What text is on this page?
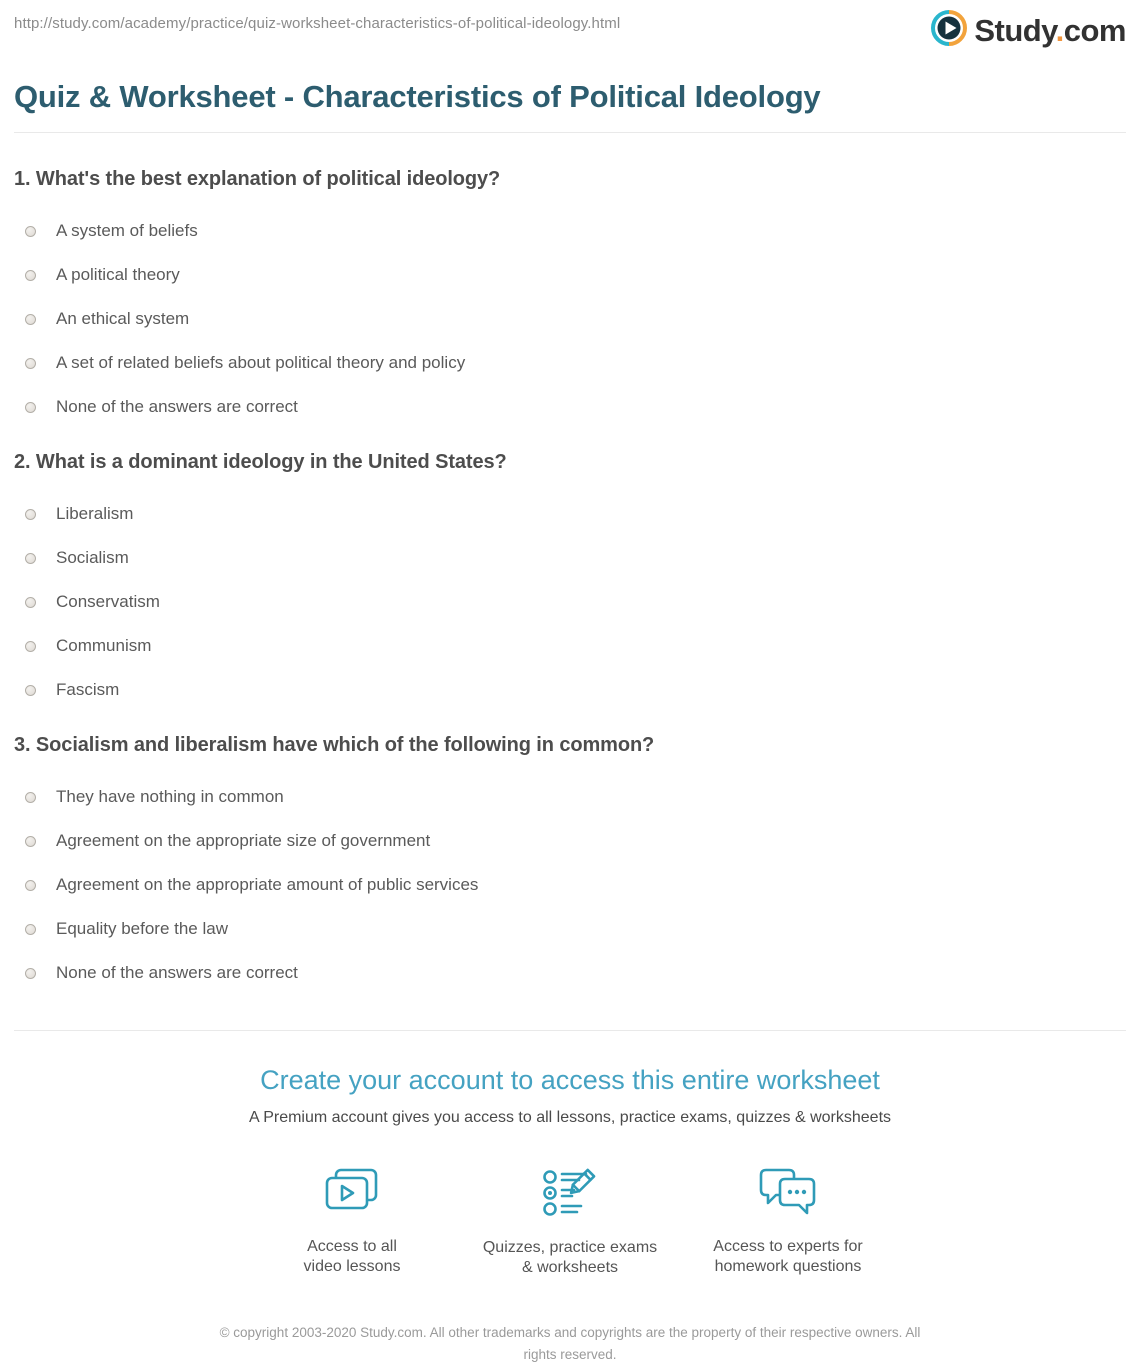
http://study.com/academy/practice/quiz-worksheet-characteristics-of-political-ideology.html	Study.com
Quiz & Worksheet - Characteristics of Political Ideology
1. What's the best explanation of political ideology?
A system of beliefs
A political theory
An ethical system
A set of related beliefs about political theory and policy
None of the answers are correct
2. What is a dominant ideology in the United States?
Liberalism
Socialism
Conservatism
Communism
Fascism
3. Socialism and liberalism have which of the following in common?
They have nothing in common
Agreement on the appropriate size of government
Agreement on the appropriate amount of public services
Equality before the law
None of the answers are correct
Create your account to access this entire worksheet
A Premium account gives you access to all lessons, practice exams, quizzes & worksheets
Access to all
video lessons
Quizzes, practice exams
& worksheets
Access to experts for
homework questions
© copyright 2003-2020 Study.com. All other trademarks and copyrights are the property of their respective owners. All rights reserved.
